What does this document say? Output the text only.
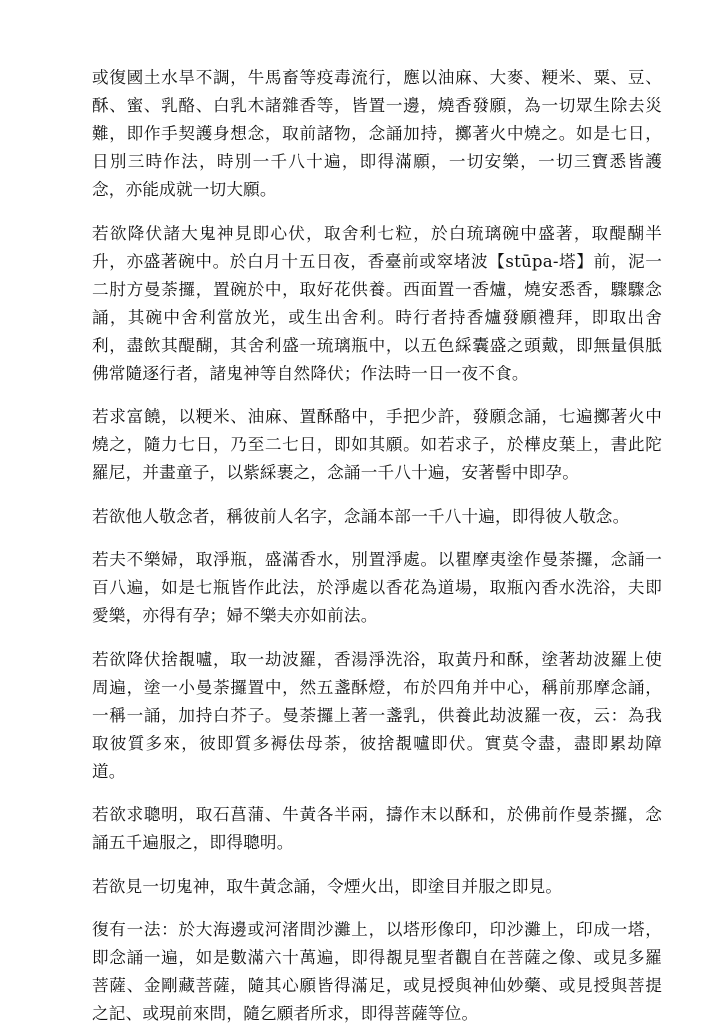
或復國土水旱不調，牛馬畜等疫毒流行，應以油麻、大麥、粳米、粟、豆、酥、蜜、乳酪、白乳木諸雜香等，皆置一邊，燒香發願，為一切眾生除去災難，即作手契護身想念，取前諸物，念誦加持，擲著火中燒之。如是七日，日別三時作法，時別一千八十遍，即得滿願，一切安樂，一切三寶悉皆護念，亦能成就一切大願。

若欲降伏諸大鬼神見即心伏，取舍利七粒，於白琉璃碗中盛著，取醍醐半升，亦盛著碗中。於白月十五日夜，香臺前或窣堵波【stūpa-塔】前，泥一二肘方曼荼攞，置碗於中，取好花供養。西面置一香爐，燒安悉香，驟驟念誦，其碗中舍利當放光，或生出舍利。時行者持香爐發願禮拜，即取出舍利，盡飲其醍醐，其舍利盛一琉璃瓶中，以五色綵囊盛之頭戴，即無量俱胝佛常隨逐行者，諸鬼神等自然降伏；作法時一日一夜不食。

若求富饒，以粳米、油麻、置酥酪中，手把少許，發願念誦，七遍擲著火中燒之，隨力七日，乃至二七日，即如其願。如若求子，於樺皮葉上，書此陀羅尼，并畫童子，以紫綵裹之，念誦一千八十遍，安著髻中即孕。

若欲他人敬念者，稱彼前人名字，念誦本部一千八十遍，即得彼人敬念。

若夫不樂婦，取淨瓶，盛滿香水，別置淨處。以瞿摩夷塗作曼荼攞，念誦一百八遍，如是七瓶皆作此法，於淨處以香花為道場，取瓶內香水洗浴，夫即愛樂，亦得有孕；婦不樂夫亦如前法。

若欲降伏捨覩嚧，取一劫波羅，香湯淨洗浴，取黃丹和酥，塗著劫波羅上使周遍，塗一小曼荼攞置中，然五盞酥燈，布於四角并中心，稱前那摩念誦，一稱一誦，加持白芥子。曼荼攞上著一盞乳，供養此劫波羅一夜，云：為我取彼質多來，彼即質多褥佉母荼，彼捨覩嚧即伏。實莫令盡，盡即累劫障道。

若欲求聰明，取石菖蒲、牛黃各半兩，擣作末以酥和，於佛前作曼荼攞，念誦五千遍服之，即得聰明。

若欲見一切鬼神，取牛黃念誦，令煙火出，即塗目并服之即見。

復有一法：於大海邊或河渚間沙灘上，以塔形像印，印沙灘上，印成一塔，即念誦一遍，如是數滿六十萬遍，即得覩見聖者觀自在菩薩之像、或見多羅菩薩、金剛藏菩薩，隨其心願皆得滿足，或見授與神仙妙藥、或見授與菩提之記、或現前來問，隨乞願者所求，即得菩薩等位。
